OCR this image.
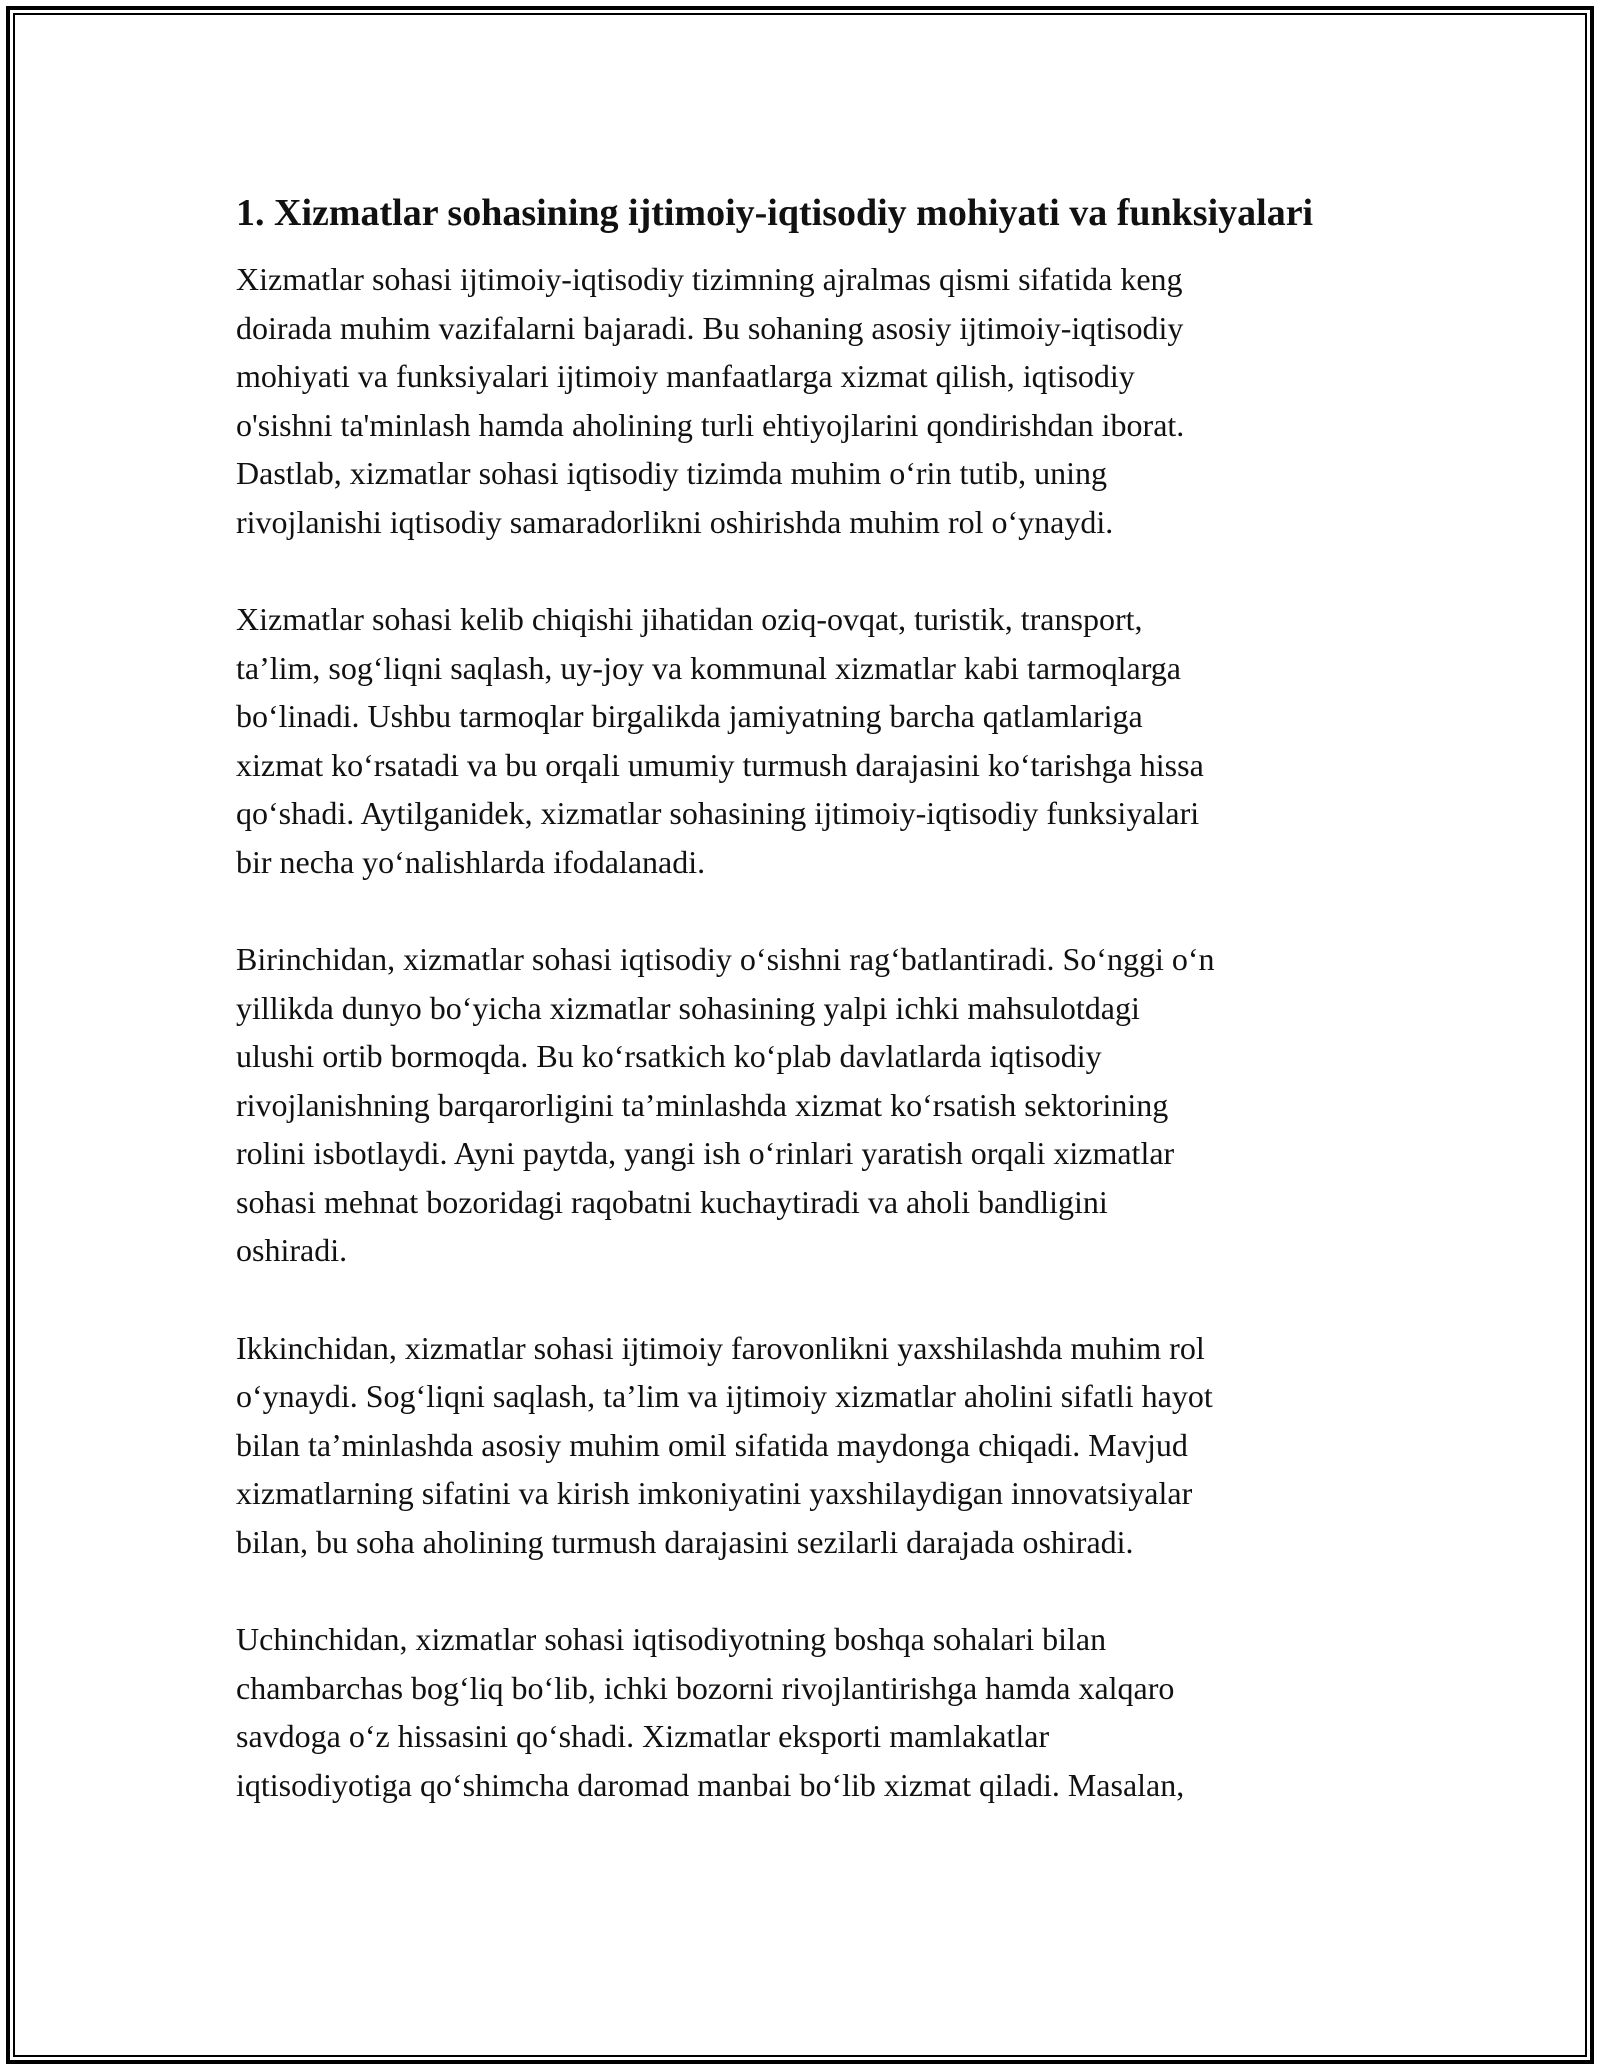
1. Xizmatlar sohasining ijtimoiy-iqtisodiy mohiyati va funksiyalari

Xizmatlar sohasi ijtimoiy-iqtisodiy tizimning ajralmas qismi sifatida keng
doirada muhim vazifalarni bajaradi. Bu sohaning asosiy ijtimoiy-iqtisodiy
mohiyati va funksiyalari ijtimoiy manfaatlarga xizmat qilish, iqtisodiy
o'sishni ta'minlash hamda aholining turli ehtiyojlarini qondirishdan iborat.
Dastlab, xizmatlar sohasi iqtisodiy tizimda muhim o‘rin tutib, uning
rivojlanishi iqtisodiy samaradorlikni oshirishda muhim rol o‘ynaydi.

Xizmatlar sohasi kelib chiqishi jihatidan oziq-ovqat, turistik, transport,
ta’lim, sog‘liqni saqlash, uy-joy va kommunal xizmatlar kabi tarmoqlarga
bo‘linadi. Ushbu tarmoqlar birgalikda jamiyatning barcha qatlamlariga
xizmat ko‘rsatadi va bu orqali umumiy turmush darajasini ko‘tarishga hissa
qo‘shadi. Aytilganidek, xizmatlar sohasining ijtimoiy-iqtisodiy funksiyalari
bir necha yo‘nalishlarda ifodalanadi.

Birinchidan, xizmatlar sohasi iqtisodiy o‘sishni rag‘batlantiradi. So‘nggi o‘n
yillikda dunyo bo‘yicha xizmatlar sohasining yalpi ichki mahsulotdagi
ulushi ortib bormoqda. Bu ko‘rsatkich ko‘plab davlatlarda iqtisodiy
rivojlanishning barqarorligini ta’minlashda xizmat ko‘rsatish sektorining
rolini isbotlaydi. Ayni paytda, yangi ish o‘rinlari yaratish orqali xizmatlar
sohasi mehnat bozoridagi raqobatni kuchaytiradi va aholi bandligini
oshiradi.

Ikkinchidan, xizmatlar sohasi ijtimoiy farovonlikni yaxshilashda muhim rol
o‘ynaydi. Sog‘liqni saqlash, ta’lim va ijtimoiy xizmatlar aholini sifatli hayot
bilan ta’minlashda asosiy muhim omil sifatida maydonga chiqadi. Mavjud
xizmatlarning sifatini va kirish imkoniyatini yaxshilaydigan innovatsiyalar
bilan, bu soha aholining turmush darajasini sezilarli darajada oshiradi.

Uchinchidan, xizmatlar sohasi iqtisodiyotning boshqa sohalari bilan
chambarchas bog‘liq bo‘lib, ichki bozorni rivojlantirishga hamda xalqaro
savdoga o‘z hissasini qo‘shadi. Xizmatlar eksporti mamlakatlar
iqtisodiyotiga qo‘shimcha daromad manbai bo‘lib xizmat qiladi. Masalan,
